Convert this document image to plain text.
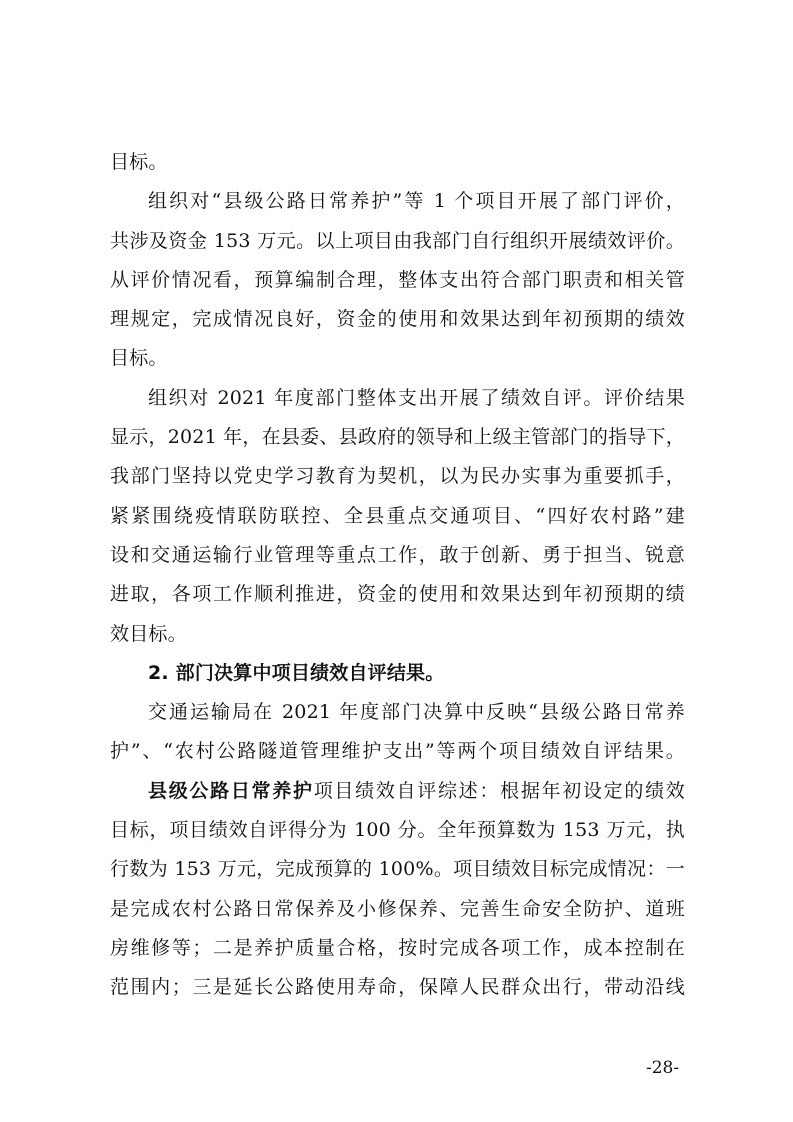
目标。
组织对“县级公路日常养护”等 1 个项目开展了部门评价，
共涉及资金 153 万元。以上项目由我部门自行组织开展绩效评价。
从评价情况看，预算编制合理，整体支出符合部门职责和相关管
理规定，完成情况良好，资金的使用和效果达到年初预期的绩效
目标。
组织对 2021 年度部门整体支出开展了绩效自评。评价结果
显示，2021 年，在县委、县政府的领导和上级主管部门的指导下，
我部门坚持以党史学习教育为契机，以为民办实事为重要抓手，
紧紧围绕疫情联防联控、全县重点交通项目、“四好农村路”建
设和交通运输行业管理等重点工作，敢于创新、勇于担当、锐意
进取，各项工作顺利推进，资金的使用和效果达到年初预期的绩
效目标。
2. 部门决算中项目绩效自评结果。
交通运输局在 2021 年度部门决算中反映“县级公路日常养
护”、“农村公路隧道管理维护支出”等两个项目绩效自评结果。
县级公路日常养护项目绩效自评综述：根据年初设定的绩效
目标，项目绩效自评得分为 100 分。全年预算数为 153 万元，执
行数为 153 万元，完成预算的 100%。项目绩效目标完成情况：一
是完成农村公路日常保养及小修保养、完善生命安全防护、道班
房维修等；二是养护质量合格，按时完成各项工作，成本控制在
范围内；三是延长公路使用寿命，保障人民群众出行，带动沿线
-28-
